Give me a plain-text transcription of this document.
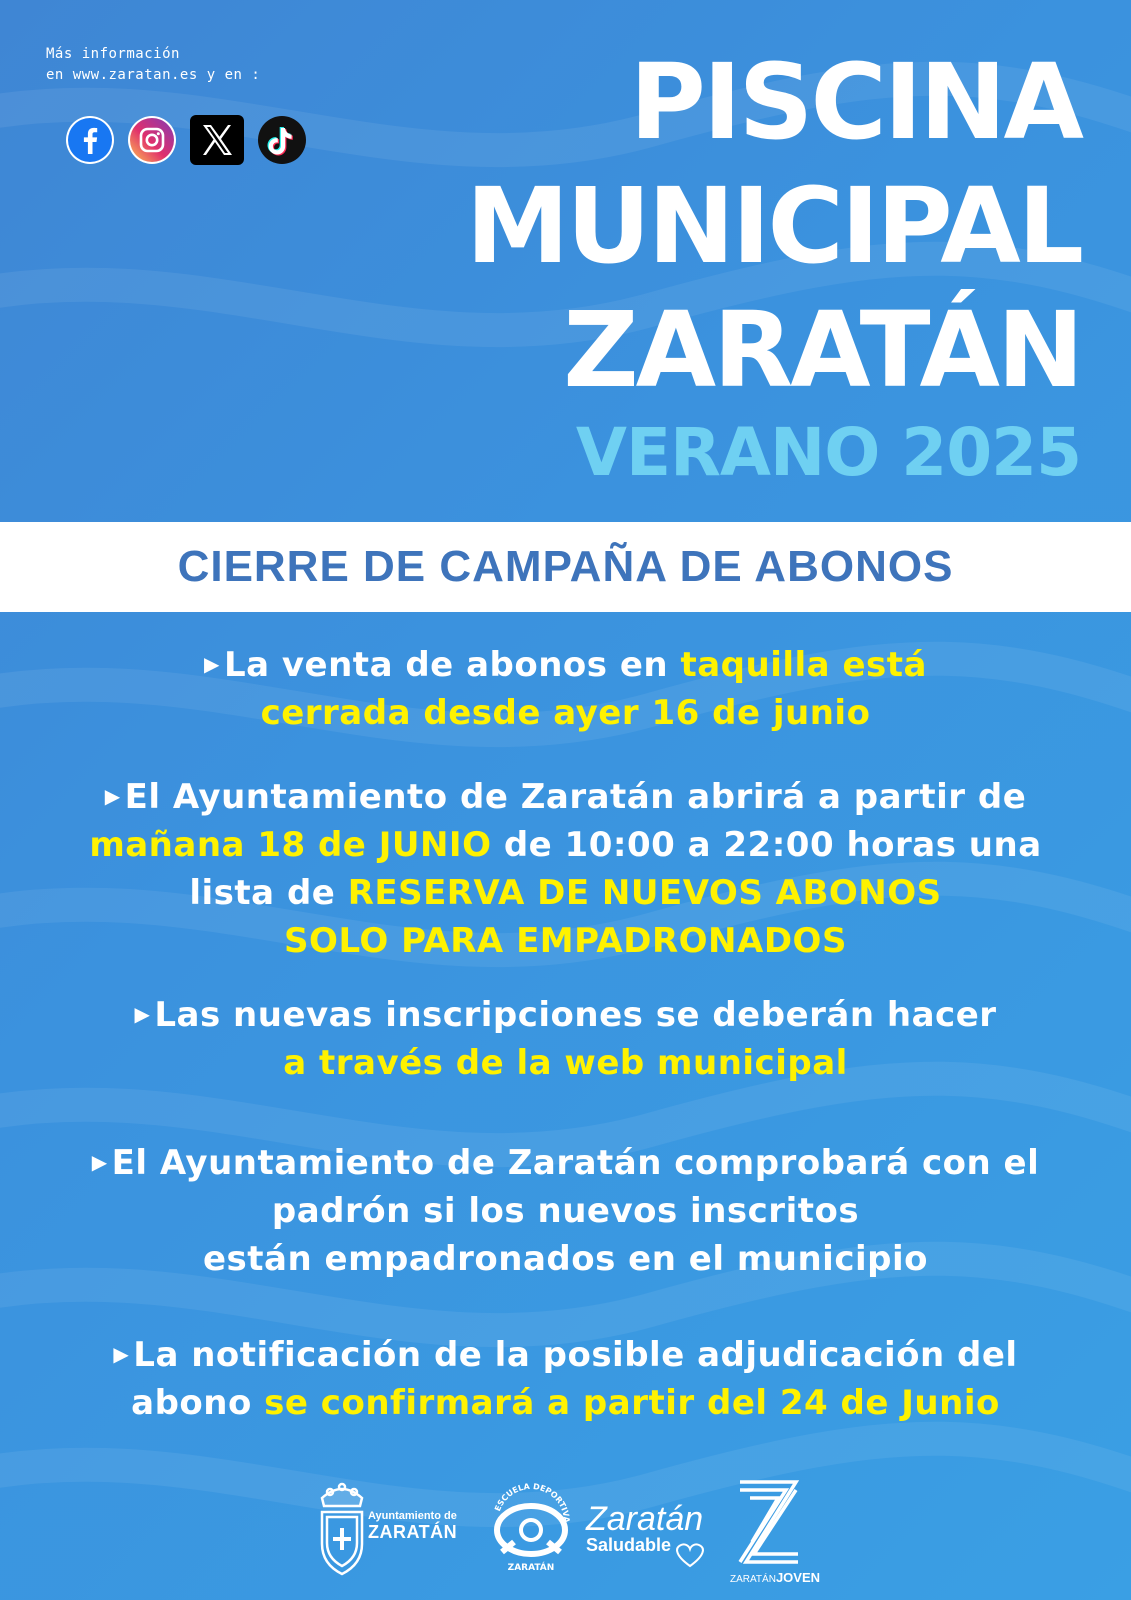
Más información
en www.zaratan.es y en :	PISCINA
MUNICIPAL
ZARATÁN
VERANO 2025
CIERRE DE CAMPAÑA DE ABONOS
▶ La venta de abonos en taquilla está
cerrada desde ayer 16 de junio
▶ El Ayuntamiento de Zaratán abrirá a partir de
mañana 18 de JUNIO de 10:00 a 22:00 horas una
lista de RESERVA DE NUEVOS ABONOS
SOLO PARA EMPADRONADOS
▶ Las nuevas inscripciones se deberán hacer
a través de la web municipal
▶ El Ayuntamiento de Zaratán comprobará con el
padrón si los nuevos inscritos
están empadronados en el municipio
▶ La notificación de la posible adjudicación del
abono se confirmará a partir del 24 de Junio
Ayuntamiento de
ZARATÁN
ESCUELA DEPORTIVA
ZARATÁN
Zaratán
Saludable
ZARATÁNJOVEN
